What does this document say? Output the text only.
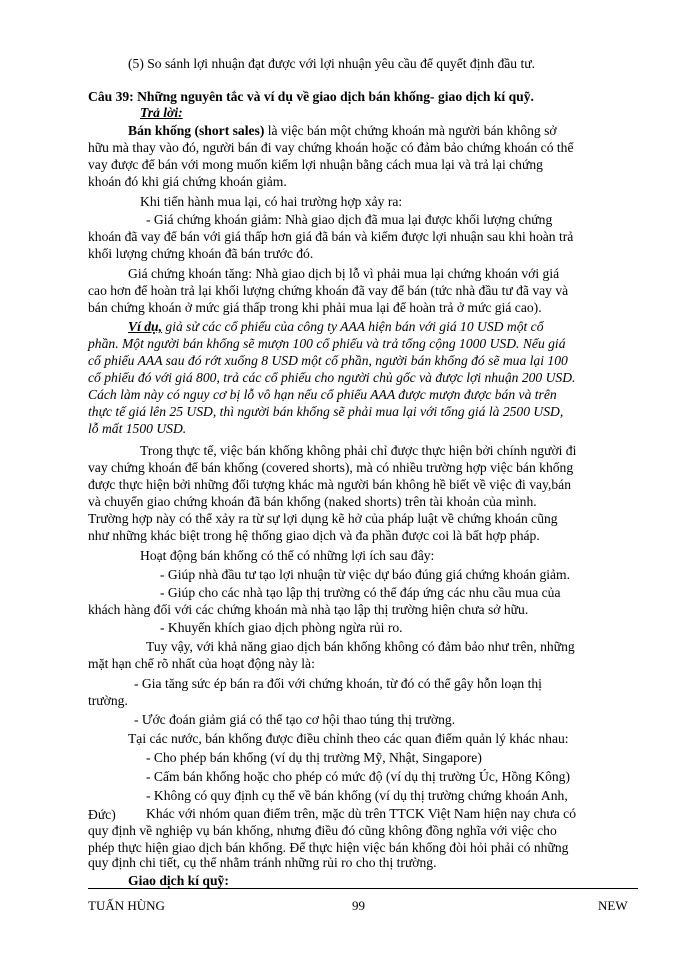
(5) So sánh lợi nhuận đạt được với lợi nhuận yêu cầu để quyết định đầu tư.
Câu 39: Những nguyên tắc và ví dụ về giao dịch bán khống- giao dịch kí quỹ.
Trả lời:
Bán khống (short sales) là việc bán một chứng khoán mà người bán không sở
hữu mà thay vào đó, người bán đi vay chứng khoán hoặc có đảm bảo chứng khoán có thể
vay được để bán với mong muốn kiếm lợi nhuận bằng cách mua lại và trả lại chứng
khoán đó khi giá chứng khoán giảm.
Khi tiến hành mua lại, có hai trường hợp xảy ra:
- Giá chứng khoán giảm: Nhà giao dịch đã mua lại được khối lượng chứng
khoán đã vay để bán với giá thấp hơn giá đã bán và kiếm được lợi nhuận sau khi hoàn trả
khối lượng chứng khoán đã bán trước đó.
Giá chứng khoán tăng: Nhà giao dịch bị lỗ vì phải mua lại chứng khoán với giá
cao hơn để hoàn trả lại khối lượng chứng khoán đã vay để bán (tức nhà đầu tư đã vay và
bán chứng khoán ở mức giá thấp trong khi phải mua lại để hoàn trả ở mức giá cao).
Ví dụ, giả sử các cổ phiếu của công ty AAA hiện bán với giá 10 USD một cổ
phần. Một người bán khống sẽ mượn 100 cổ phiếu và trả tổng cộng 1000 USD. Nếu giá
cổ phiếu AAA sau đó rớt xuống 8 USD một cổ phần, người bán khống đó sẽ mua lại 100
cổ phiếu đó với giá 800, trả các cổ phiếu cho người chủ gốc và được lợi nhuận 200 USD.
Cách làm này có nguy cơ bị lỗ vô hạn nếu cổ phiếu AAA được mượn được bán và trên
thực tế giá lên 25 USD, thì người bán khống sẽ phải mua lại với tổng giá là 2500 USD,
lỗ mất 1500 USD.
Trong thực tế, việc bán khống không phải chỉ được thực hiện bởi chính người đi
vay chứng khoán để bán khống (covered shorts), mà có nhiều trường hợp việc bán khống
được thực hiện bởi những đối tượng khác mà người bán không hề biết về việc đi vay,bán
và chuyển giao chứng khoán đã bán khống (naked shorts) trên tài khoản của mình.
Trường hợp này có thể xảy ra từ sự lợi dụng kẽ hở của pháp luật về chứng khoán cũng
như những khác biệt trong hệ thống giao dịch và đa phần được coi là bất hợp pháp.
Hoạt động bán khống có thể có những lợi ích sau đây:
- Giúp nhà đầu tư tạo lợi nhuận từ việc dự báo đúng giá chứng khoán giảm.
- Giúp cho các nhà tạo lập thị trường có thể đáp ứng các nhu cầu mua của
khách hàng đối với các chứng khoán mà nhà tạo lập thị trường hiện chưa sở hữu.
- Khuyến khích giao dịch phòng ngừa rủi ro.
Tuy vậy, với khả năng giao dịch bán khống không có đảm bảo như trên, những
mặt hạn chế rõ nhất của hoạt động này là:
- Gia tăng sức ép bán ra đối với chứng khoán, từ đó có thể gây hỗn loạn thị
trường.
- Ước đoán giảm giá có thể tạo cơ hội thao túng thị trường.
Tại các nước, bán khống được điều chỉnh theo các quan điểm quản lý khác nhau:
- Cho phép bán khống (ví dụ thị trường Mỹ, Nhật, Singapore)
- Cấm bán khống hoặc cho phép có mức độ (ví dụ thị trường Úc, Hồng Kông)
- Không có quy định cụ thể về bán khống (ví dụ thị trường chứng khoán Anh,
Đức) Khác với nhóm quan điểm trên, mặc dù trên TTCK Việt Nam hiện nay chưa có
quy định về nghiệp vụ bán khống, nhưng điều đó cũng không đồng nghĩa với việc cho
phép thực hiện giao dịch bán khống. Để thực hiện việc bán khống đòi hỏi phải có những
quy định chi tiết, cụ thể nhằm tránh những rủi ro cho thị trường.
TUẤN HÙNG	99	NEW
Giao dịch kí quỹ:
